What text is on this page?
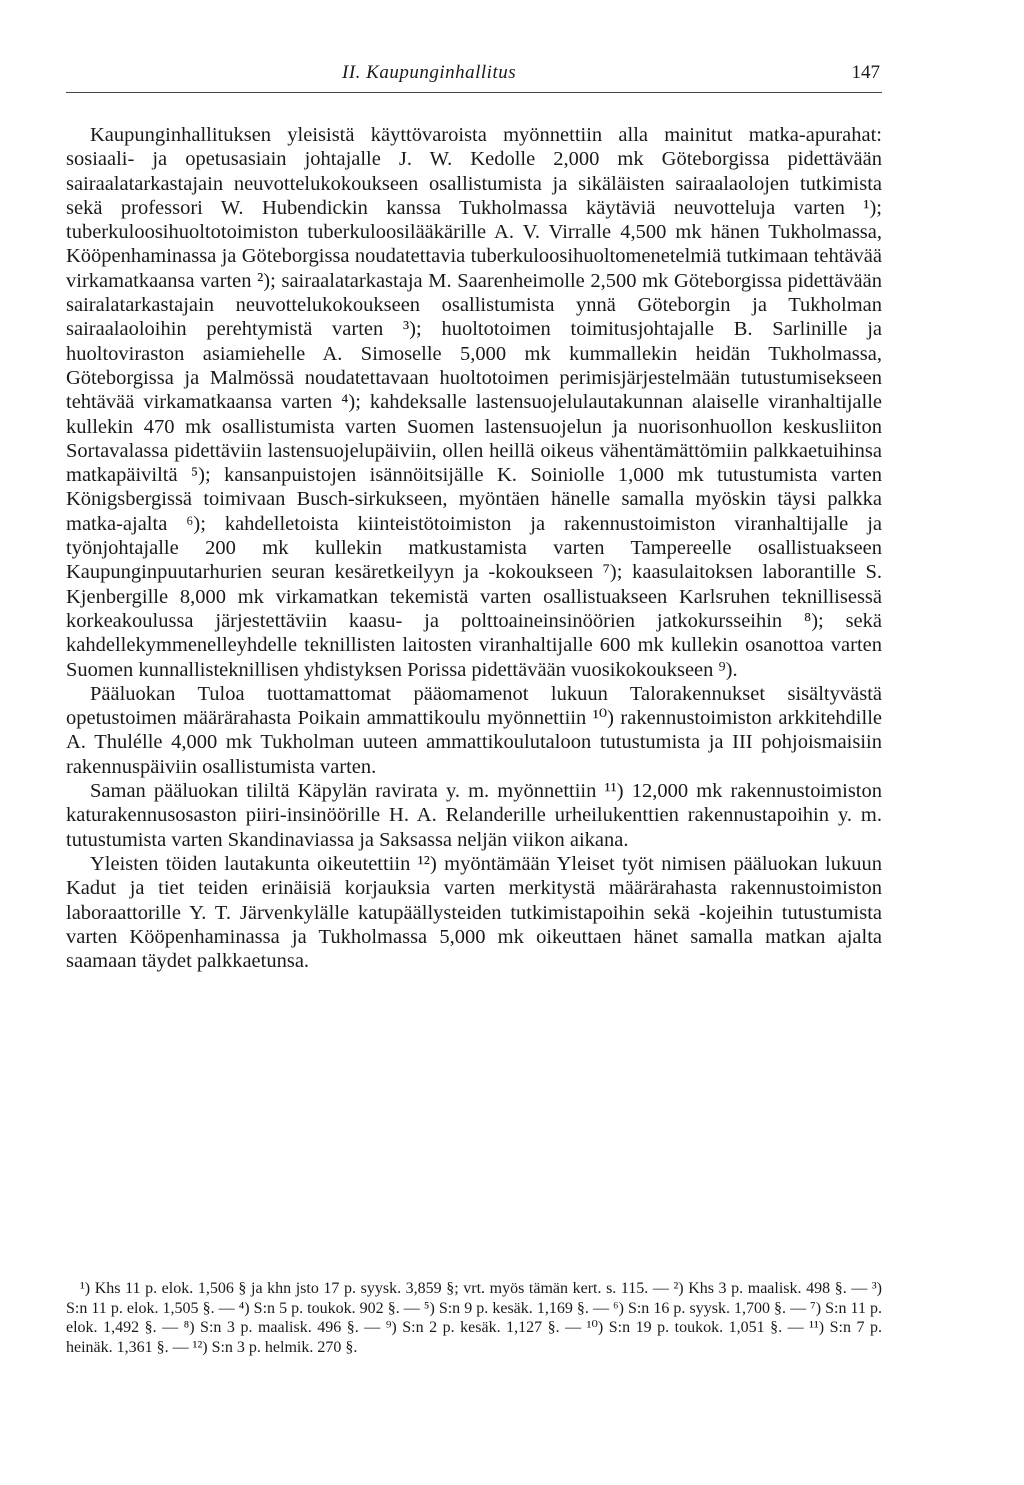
II. Kaupunginhallitus	147

Kaupunginhallituksen yleisistä käyttövaroista myönnettiin alla mainitut matka-apurahat: sosiaali- ja opetusasiain johtajalle J. W. Kedolle 2,000 mk Göteborgissa pidettävään sairaalatarkastajain neuvottelukokoukseen osallistumista ja sikäläisten sairaalaolojen tutkimista sekä professori W. Hubendickin kanssa Tukholmassa käytäviä neuvotteluja varten ¹); tuberkuloosihuoltotoimiston tuberkuloosilääkärille A. V. Virralle 4,500 mk hänen Tukholmassa, Kööpenhaminassa ja Göteborgissa noudatettavia tuberkuloosihuoltomenetelmiä tutkimaan tehtävää virkamatkaansa varten ²); sairaalatarkastaja M. Saarenheimolle 2,500 mk Göteborgissa pidettävään sairalatarkastajain neuvottelukokoukseen osallistumista ynnä Göteborgin ja Tukholman sairaalaoloihin perehtymistä varten ³); huoltotoimen toimitusjohtajalle B. Sarlinille ja huoltoviraston asiamiehelle A. Simoselle 5,000 mk kummallekin heidän Tukholmassa, Göteborgissa ja Malmössä noudatettavaan huoltotoimen perimisjärjestelmään tutustumisekseen tehtävää virkamatkaansa varten ⁴); kahdeksalle lastensuojelulautakunnan alaiselle viranhaltijalle kullekin 470 mk osallistumista varten Suomen lastensuojelun ja nuorisonhuollon keskusliiton Sortavalassa pidettäviin lastensuojelupäiviin, ollen heillä oikeus vähentämättömiin palkkaetuihinsa matkapäiviltä ⁵); kansanpuistojen isännöitsijälle K. Soiniolle 1,000 mk tutustumista varten Königsbergissä toimivaan Busch-sirkukseen, myöntäen hänelle samalla myöskin täysi palkka matka-ajalta ⁶); kahdelletoista kiinteistötoimiston ja rakennustoimiston viranhaltijalle ja työnjohtajalle 200 mk kullekin matkustamista varten Tampereelle osallistuakseen Kaupunginpuutarhurien seuran kesäretkeilyyn ja -kokoukseen ⁷); kaasulaitoksen laborantille S. Kjenbergille 8,000 mk virkamatkan tekemistä varten osallistuakseen Karlsruhen teknillisessä korkeakoulussa järjestettäviin kaasu- ja polttoaineinsinöörien jatkokursseihin ⁸); sekä kahdellekymmenelleyhdelle teknillisten laitosten viranhaltijalle 600 mk kullekin osanottoa varten Suomen kunnallisteknillisen yhdistyksen Porissa pidettävään vuosikokoukseen ⁹).

Pääluokan Tuloa tuottamattomat pääomamenot lukuun Talorakennukset sisältyvästä opetustoimen määrärahasta Poikain ammattikoulu myönnettiin ¹⁰) rakennustoimiston arkkitehdille A. Thulélle 4,000 mk Tukholman uuteen ammattikoulutaloon tutustumista ja III pohjoismaisiin rakennuspäiviin osallistumista varten.

Saman pääluokan tililtä Käpylän ravirata y. m. myönnettiin ¹¹) 12,000 mk rakennustoimiston katurakennusosaston piiri-insinöörille H. A. Relanderille urheilukenttien rakennustapoihin y. m. tutustumista varten Skandinaviassa ja Saksassa neljän viikon aikana.

Yleisten töiden lautakunta oikeutettiin ¹²) myöntämään Yleiset työt nimisen pääluokan lukuun Kadut ja tiet teiden erinäisiä korjauksia varten merkitystä määrärahasta rakennustoimiston laboraattorille Y. T. Järvenkylälle katupäällysteiden tutkimistapoihin sekä -kojeihin tutustumista varten Kööpenhaminassa ja Tukholmassa 5,000 mk oikeuttaen hänet samalla matkan ajalta saamaan täydet palkkaetunsa.

¹) Khs 11 p. elok. 1,506 § ja khn jsto 17 p. syysk. 3,859 §; vrt. myös tämän kert. s. 115. — ²) Khs 3 p. maalisk. 498 §. — ³) S:n 11 p. elok. 1,505 §. — ⁴) S:n 5 p. toukok. 902 §. — ⁵) S:n 9 p. kesäk. 1,169 §. — ⁶) S:n 16 p. syysk. 1,700 §. — ⁷) S:n 11 p. elok. 1,492 §. — ⁸) S:n 3 p. maalisk. 496 §. — ⁹) S:n 2 p. kesäk. 1,127 §. — ¹⁰) S:n 19 p. toukok. 1,051 §. — ¹¹) S:n 7 p. heinäk. 1,361 §. — ¹²) S:n 3 p. helmik. 270 §.
